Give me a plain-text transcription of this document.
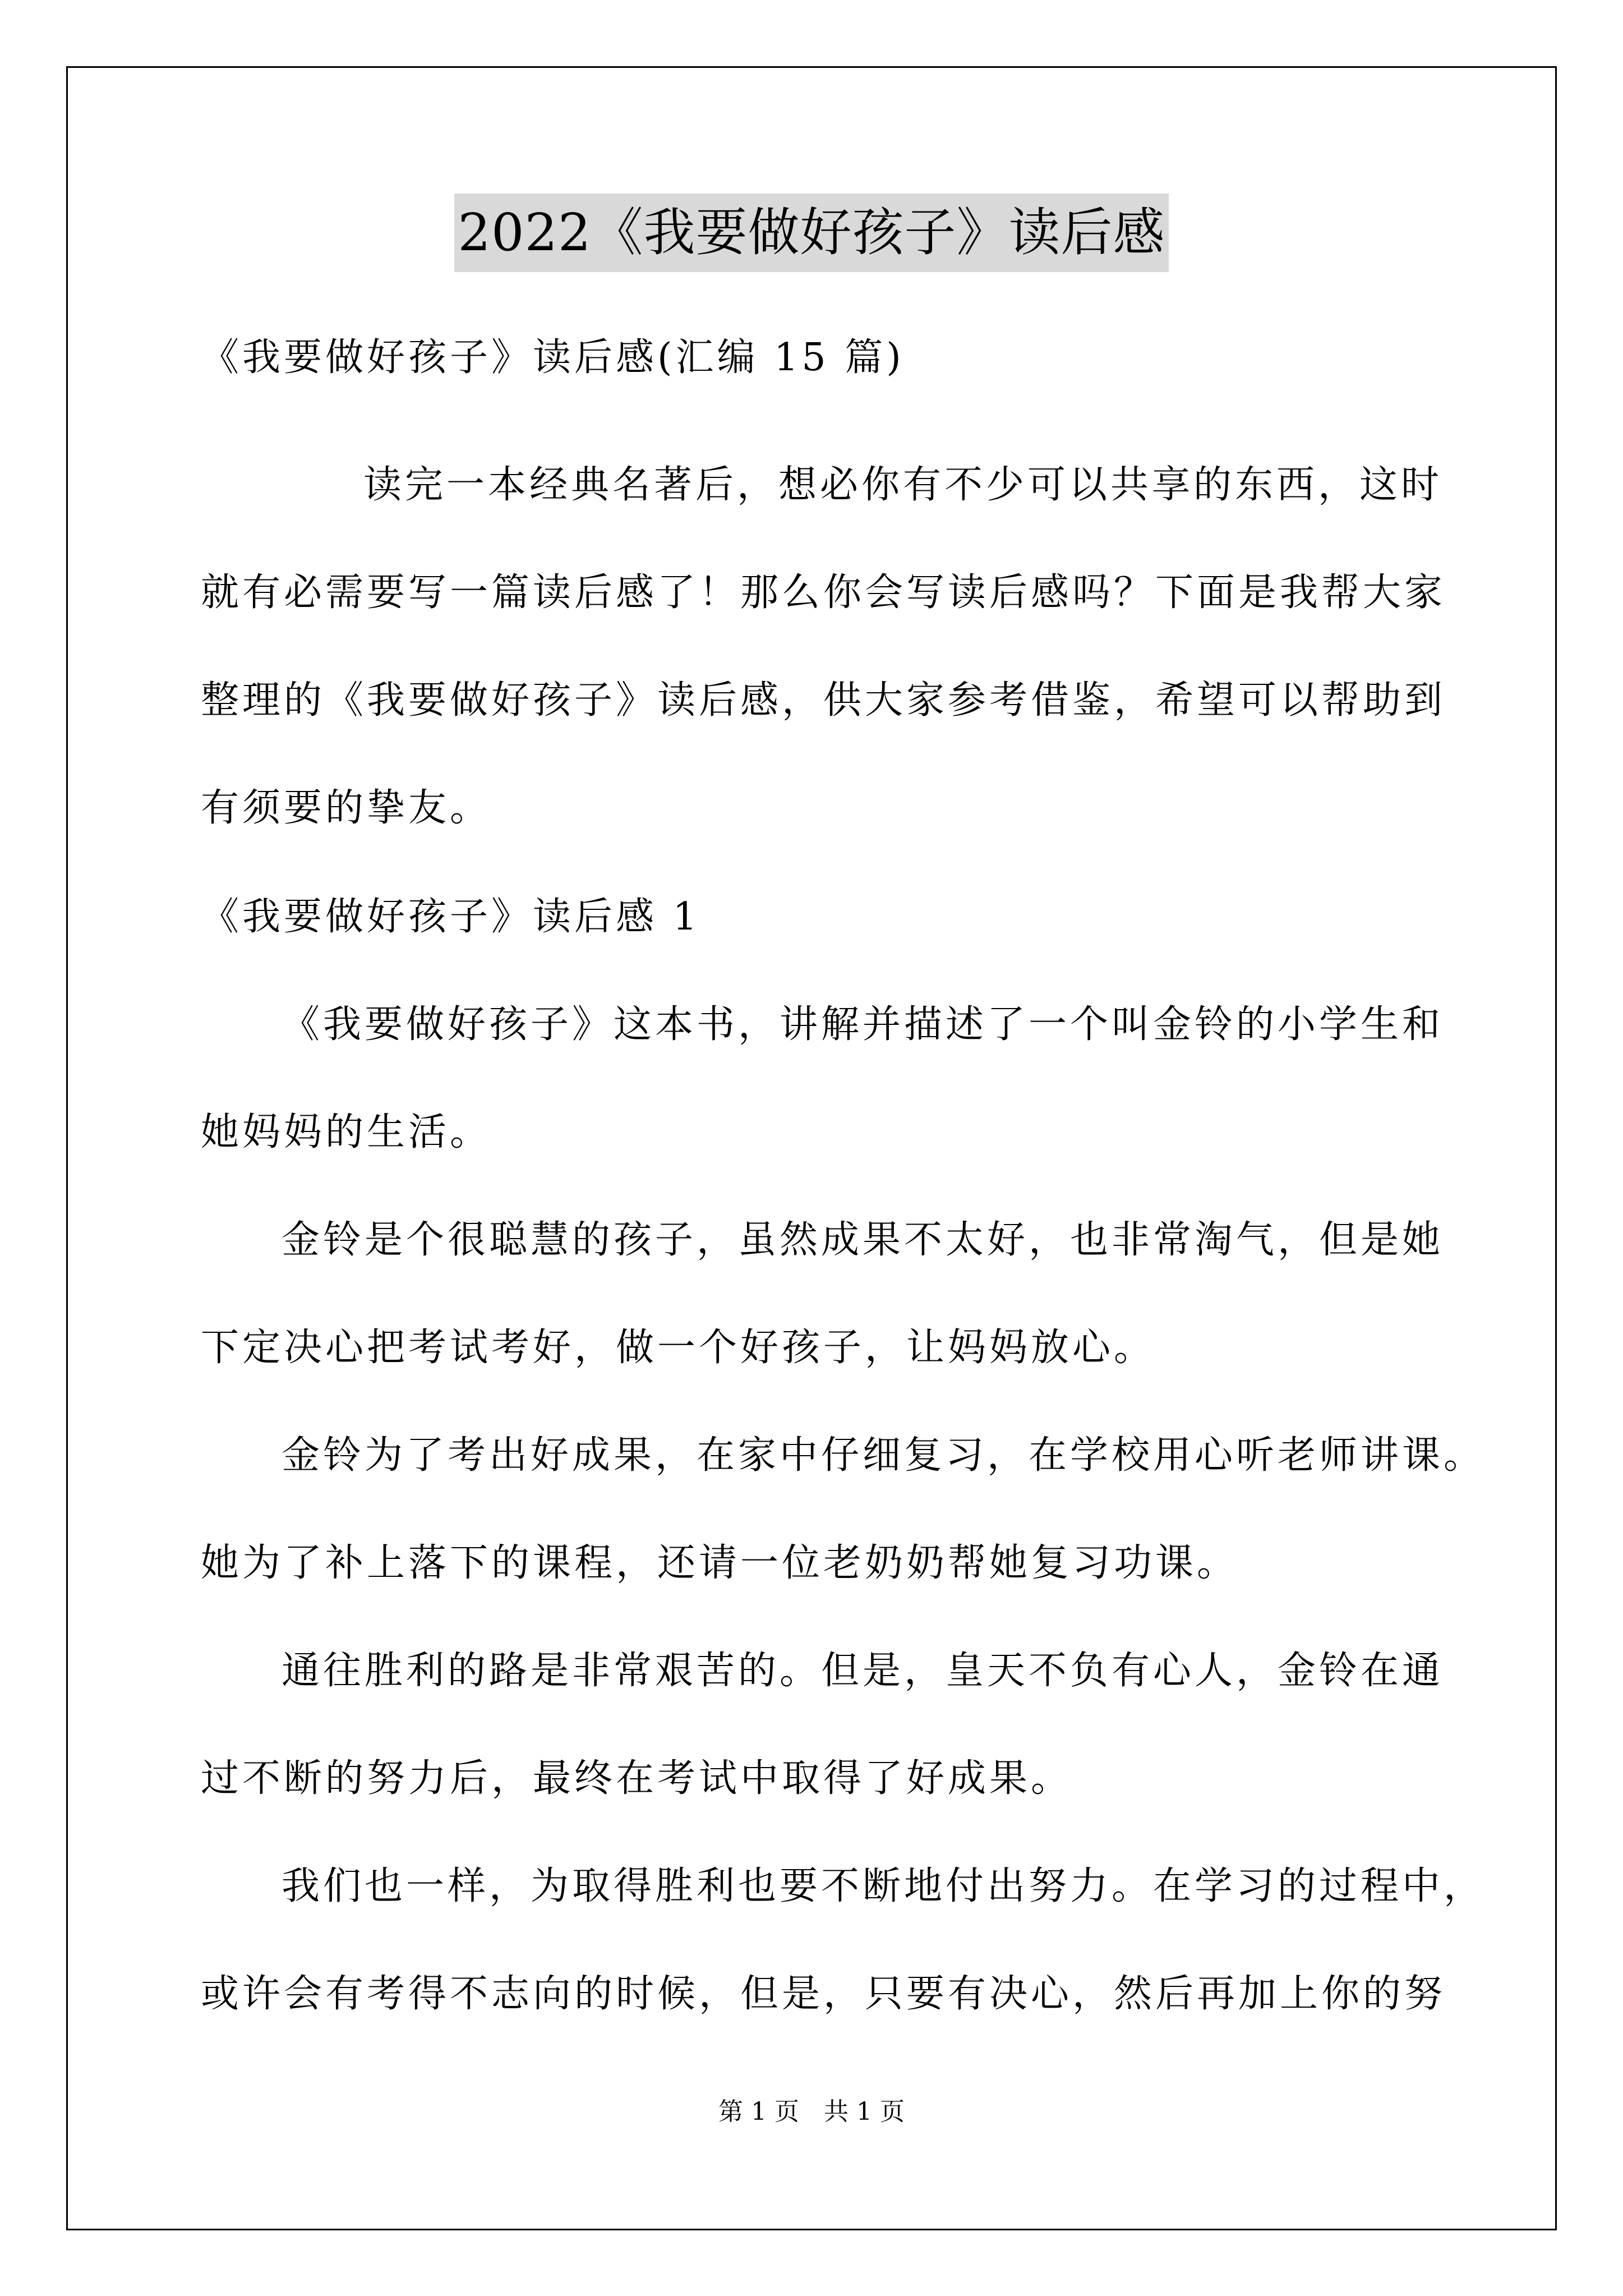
2022《我要做好孩子》读后感
《我要做好孩子》读后感(汇编 15 篇)
读完一本经典名著后，想必你有不少可以共享的东西，这时
就有必需要写一篇读后感了！那么你会写读后感吗？下面是我帮大家
整理的《我要做好孩子》读后感，供大家参考借鉴，希望可以帮助到
有须要的挚友。
《我要做好孩子》读后感 1
《我要做好孩子》这本书，讲解并描述了一个叫金铃的小学生和
她妈妈的生活。
金铃是个很聪慧的孩子，虽然成果不太好，也非常淘气，但是她
下定决心把考试考好，做一个好孩子，让妈妈放心。
金铃为了考出好成果，在家中仔细复习，在学校用心听老师讲课。
她为了补上落下的课程，还请一位老奶奶帮她复习功课。
通往胜利的路是非常艰苦的。但是，皇天不负有心人，金铃在通
过不断的努力后，最终在考试中取得了好成果。
我们也一样，为取得胜利也要不断地付出努力。在学习的过程中，
或许会有考得不志向的时候，但是，只要有决心，然后再加上你的努
第 1 页　共 1 页
